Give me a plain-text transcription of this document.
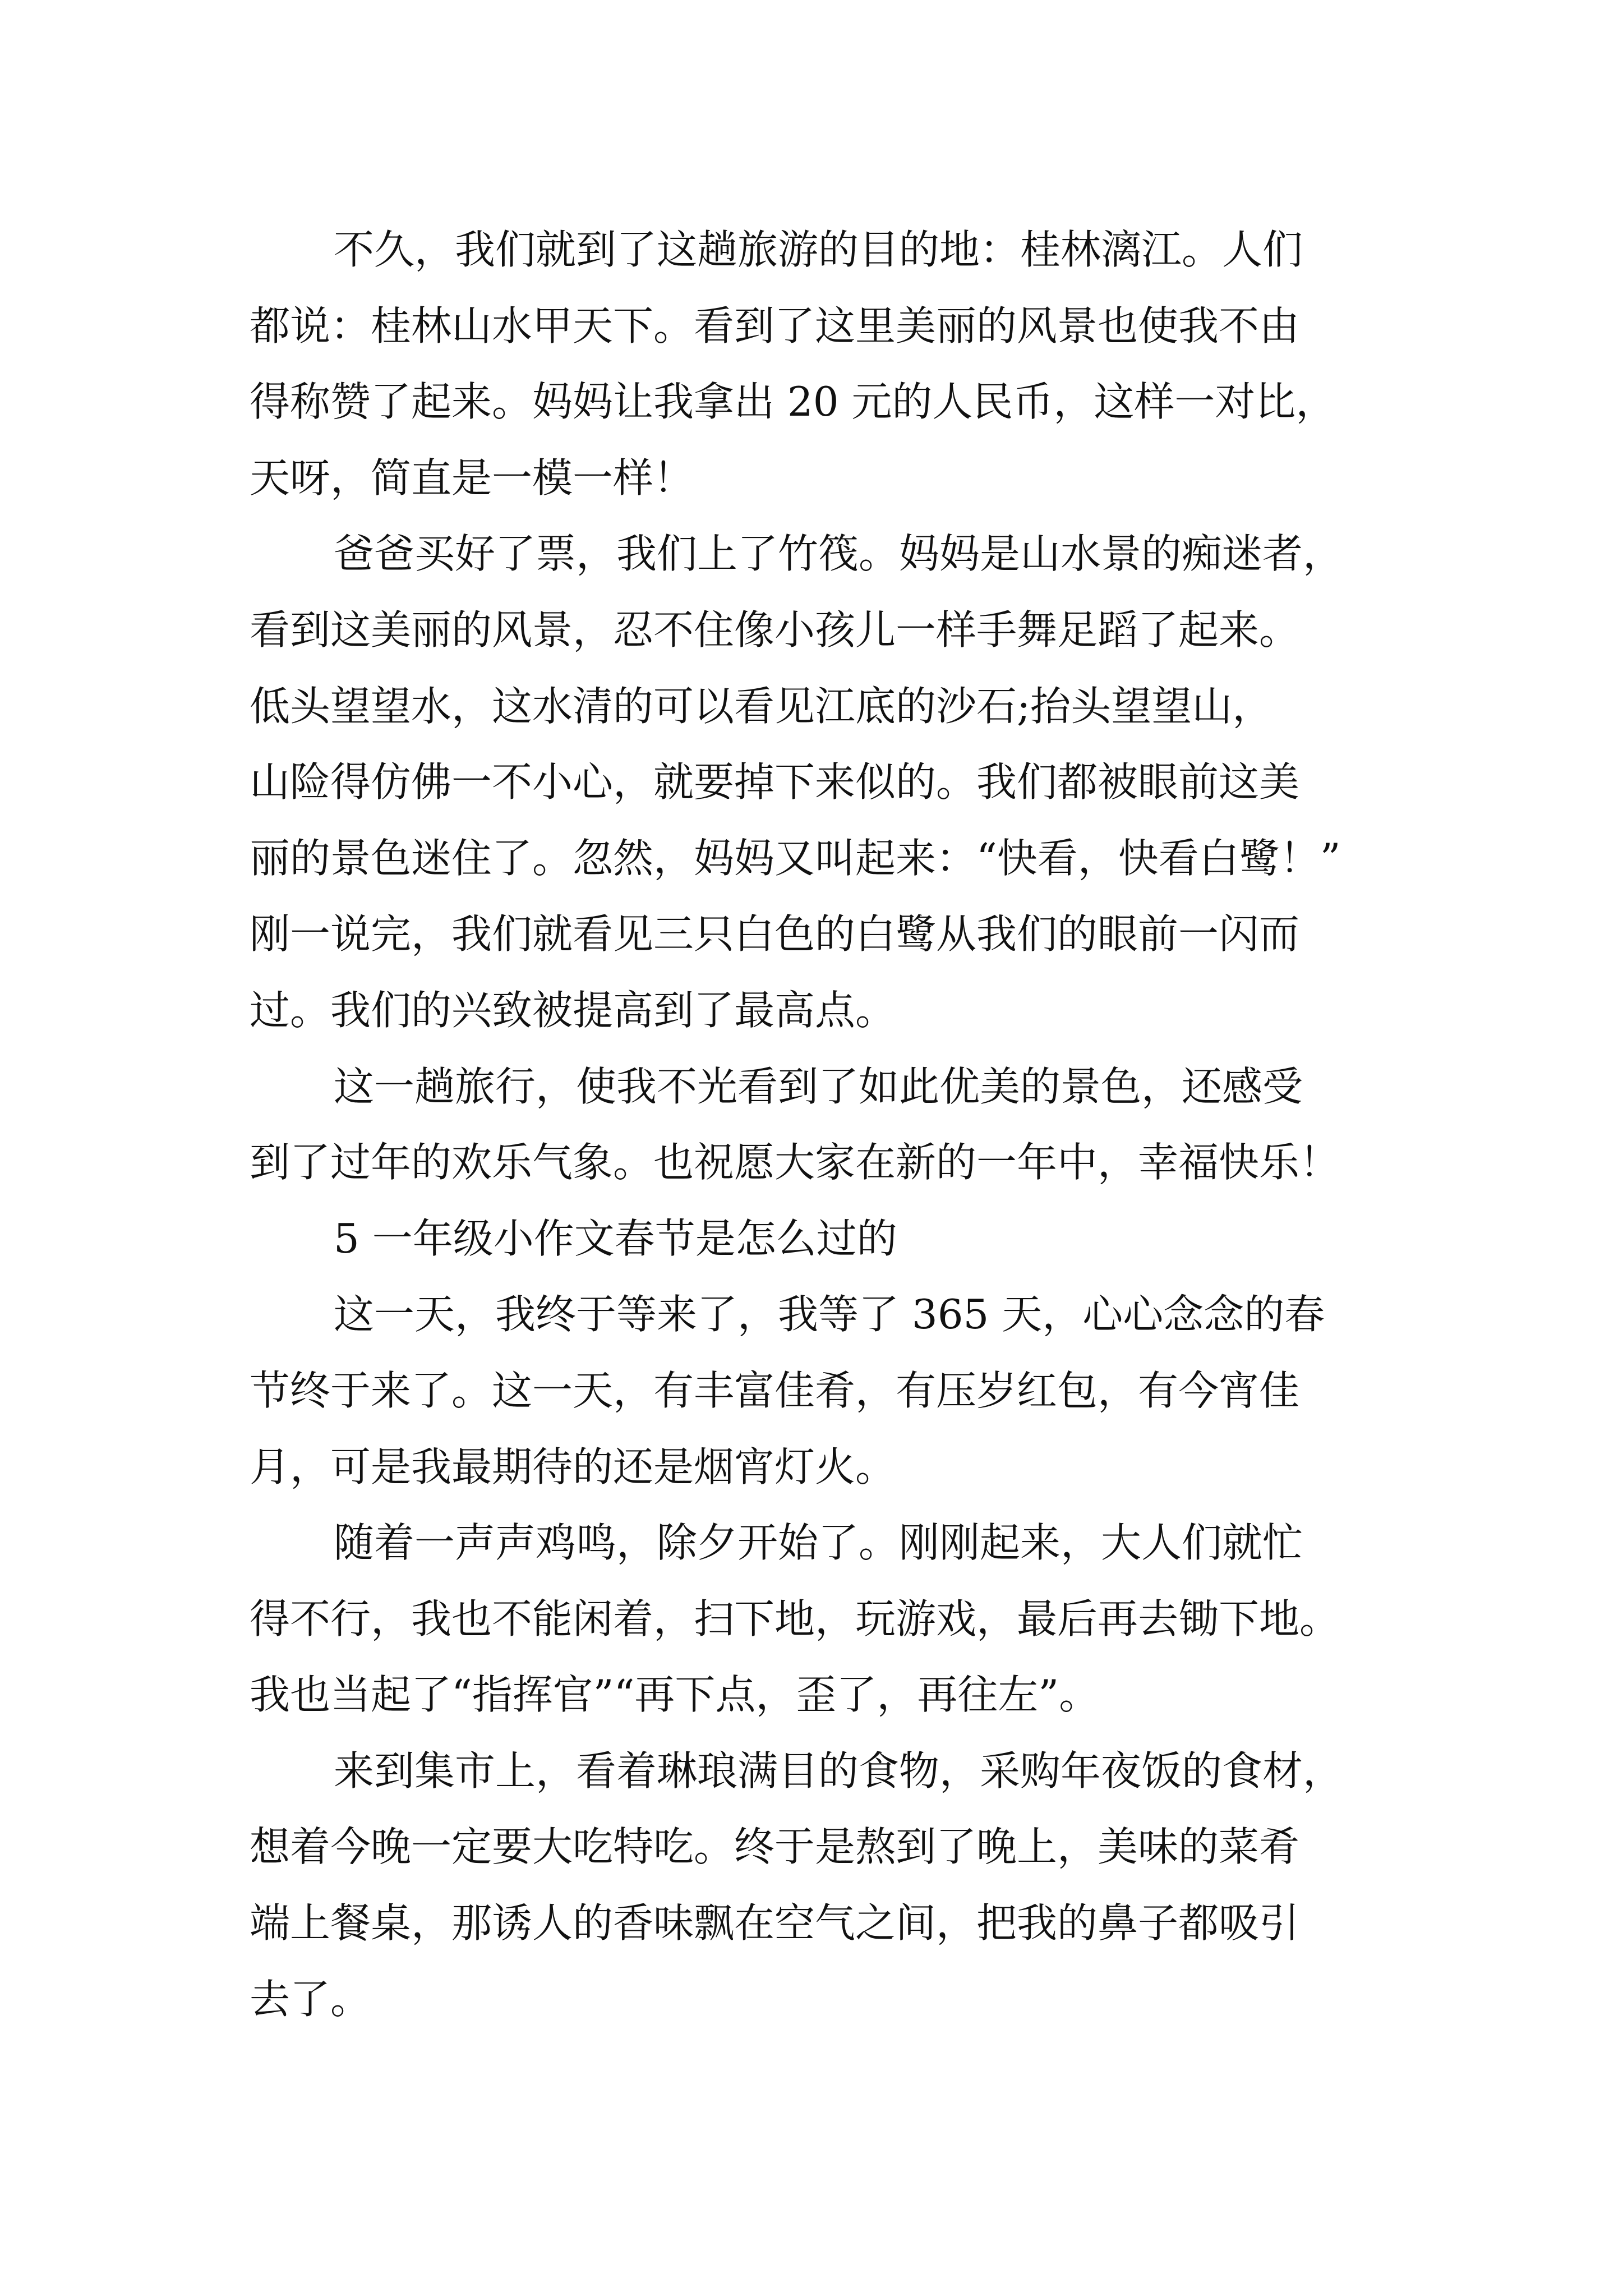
不久，我们就到了这趟旅游的目的地：桂林漓江。人们
都说：桂林山水甲天下。看到了这里美丽的风景也使我不由
得称赞了起来。妈妈让我拿出 20 元的人民币，这样一对比，
天呀，简直是一模一样！
爸爸买好了票，我们上了竹筏。妈妈是山水景的痴迷者，
看到这美丽的风景，忍不住像小孩儿一样手舞足蹈了起来。
低头望望水，这水清的可以看见江底的沙石;抬头望望山，
山险得仿佛一不小心，就要掉下来似的。我们都被眼前这美
丽的景色迷住了。忽然，妈妈又叫起来：“快看，快看白鹭！”
刚一说完，我们就看见三只白色的白鹭从我们的眼前一闪而
过。我们的兴致被提高到了最高点。
这一趟旅行，使我不光看到了如此优美的景色，还感受
到了过年的欢乐气象。也祝愿大家在新的一年中，幸福快乐！
5 一年级小作文春节是怎么过的
这一天，我终于等来了，我等了 365 天，心心念念的春
节终于来了。这一天，有丰富佳肴，有压岁红包，有今宵佳
月，可是我最期待的还是烟宵灯火。
随着一声声鸡鸣，除夕开始了。刚刚起来，大人们就忙
得不行，我也不能闲着，扫下地，玩游戏，最后再去锄下地。
我也当起了“指挥官”“再下点，歪了，再往左”。
来到集市上，看着琳琅满目的食物，采购年夜饭的食材，
想着今晚一定要大吃特吃。终于是熬到了晚上，美味的菜肴
端上餐桌，那诱人的香味飘在空气之间，把我的鼻子都吸引
去了。
